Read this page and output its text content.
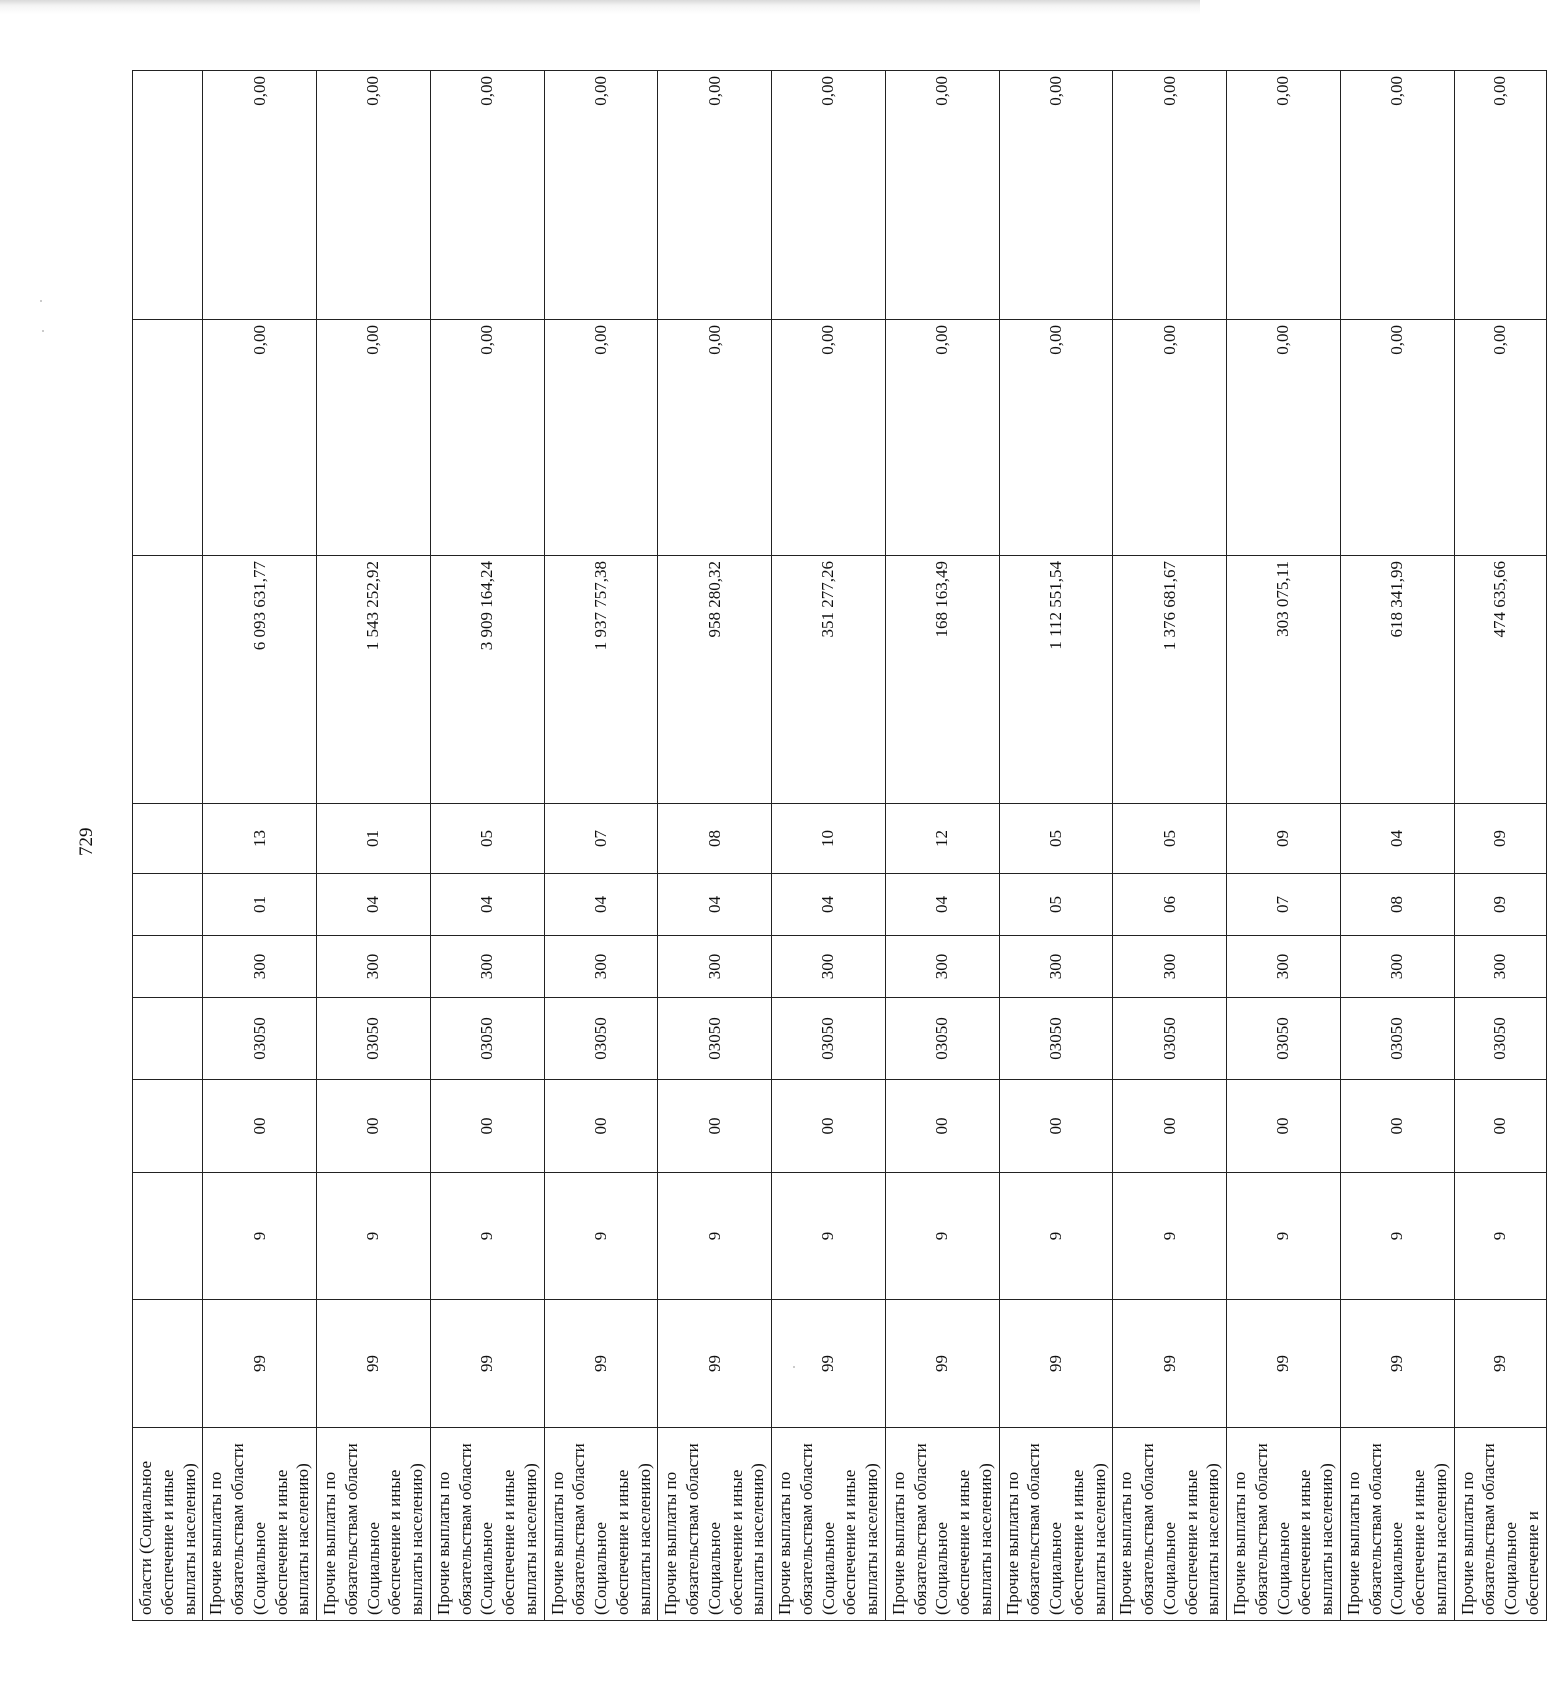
729
области (Социальное обеспечение и иные выплаты населению)										
Прочие выплаты по обязательствам области (Социальное обеспечение и иные выплаты населению)	99	9	00	03050	300	01	13	6 093 631,77	0,00	0,00
Прочие выплаты по обязательствам области (Социальное обеспечение и иные выплаты населению)	99	9	00	03050	300	04	01	1 543 252,92	0,00	0,00
Прочие выплаты по обязательствам области (Социальное обеспечение и иные выплаты населению)	99	9	00	03050	300	04	05	3 909 164,24	0,00	0,00
Прочие выплаты по обязательствам области (Социальное обеспечение и иные выплаты населению)	99	9	00	03050	300	04	07	1 937 757,38	0,00	0,00
Прочие выплаты по обязательствам области (Социальное обеспечение и иные выплаты населению)	99	9	00	03050	300	04	08	958 280,32	0,00	0,00
Прочие выплаты по обязательствам области (Социальное обеспечение и иные выплаты населению)	99	9	00	03050	300	04	10	351 277,26	0,00	0,00
Прочие выплаты по обязательствам области (Социальное обеспечение и иные выплаты населению)	99	9	00	03050	300	04	12	168 163,49	0,00	0,00
Прочие выплаты по обязательствам области (Социальное обеспечение и иные выплаты населению)	99	9	00	03050	300	05	05	1 112 551,54	0,00	0,00
Прочие выплаты по обязательствам области (Социальное обеспечение и иные выплаты населению)	99	9	00	03050	300	06	05	1 376 681,67	0,00	0,00
Прочие выплаты по обязательствам области (Социальное обеспечение и иные выплаты населению)	99	9	00	03050	300	07	09	303 075,11	0,00	0,00
Прочие выплаты по обязательствам области (Социальное обеспечение и иные выплаты населению)	99	9	00	03050	300	08	04	618 341,99	0,00	0,00
Прочие выплаты по обязательствам области (Социальное обеспечение и	99	9	00	03050	300	09	09	474 635,66	0,00	0,00
